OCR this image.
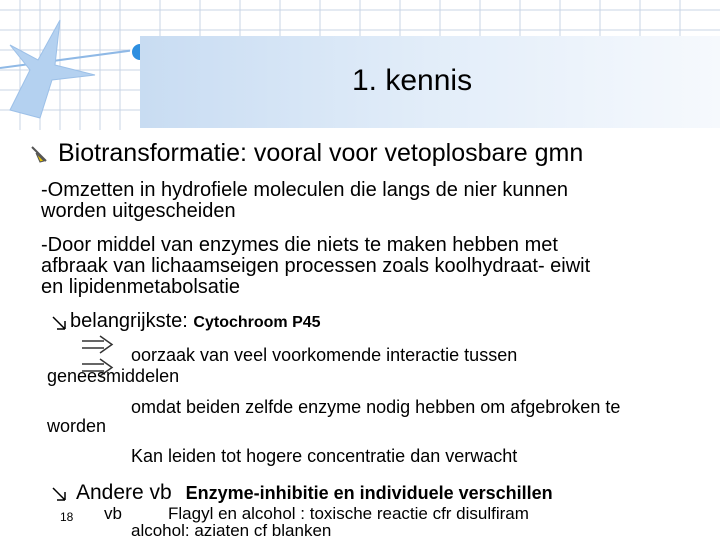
1. kennis
Biotransformatie: vooral voor vetoplosbare gmn
-Omzetten in hydrofiele moleculen die langs de nier kunnen
worden uitgescheiden
-Door middel van enzymes die niets te maken hebben met
afbraak van lichaamseigen processen zoals koolhydraat- eiwit
en lipidenmetabolsatie
belangrijkste: Cytochroom P45
oorzaak van veel voorkomende interactie tussen
geneesmiddelen
omdat beiden zelfde enzyme nodig hebben om afgebroken te
worden
Kan leiden tot hogere concentratie dan verwacht
Andere vb Enzyme-inhibitie en individuele verschillen
18 vb	Flagyl en alcohol : toxische reactie cfr disulfiram
alcohol: aziaten cf blanken
